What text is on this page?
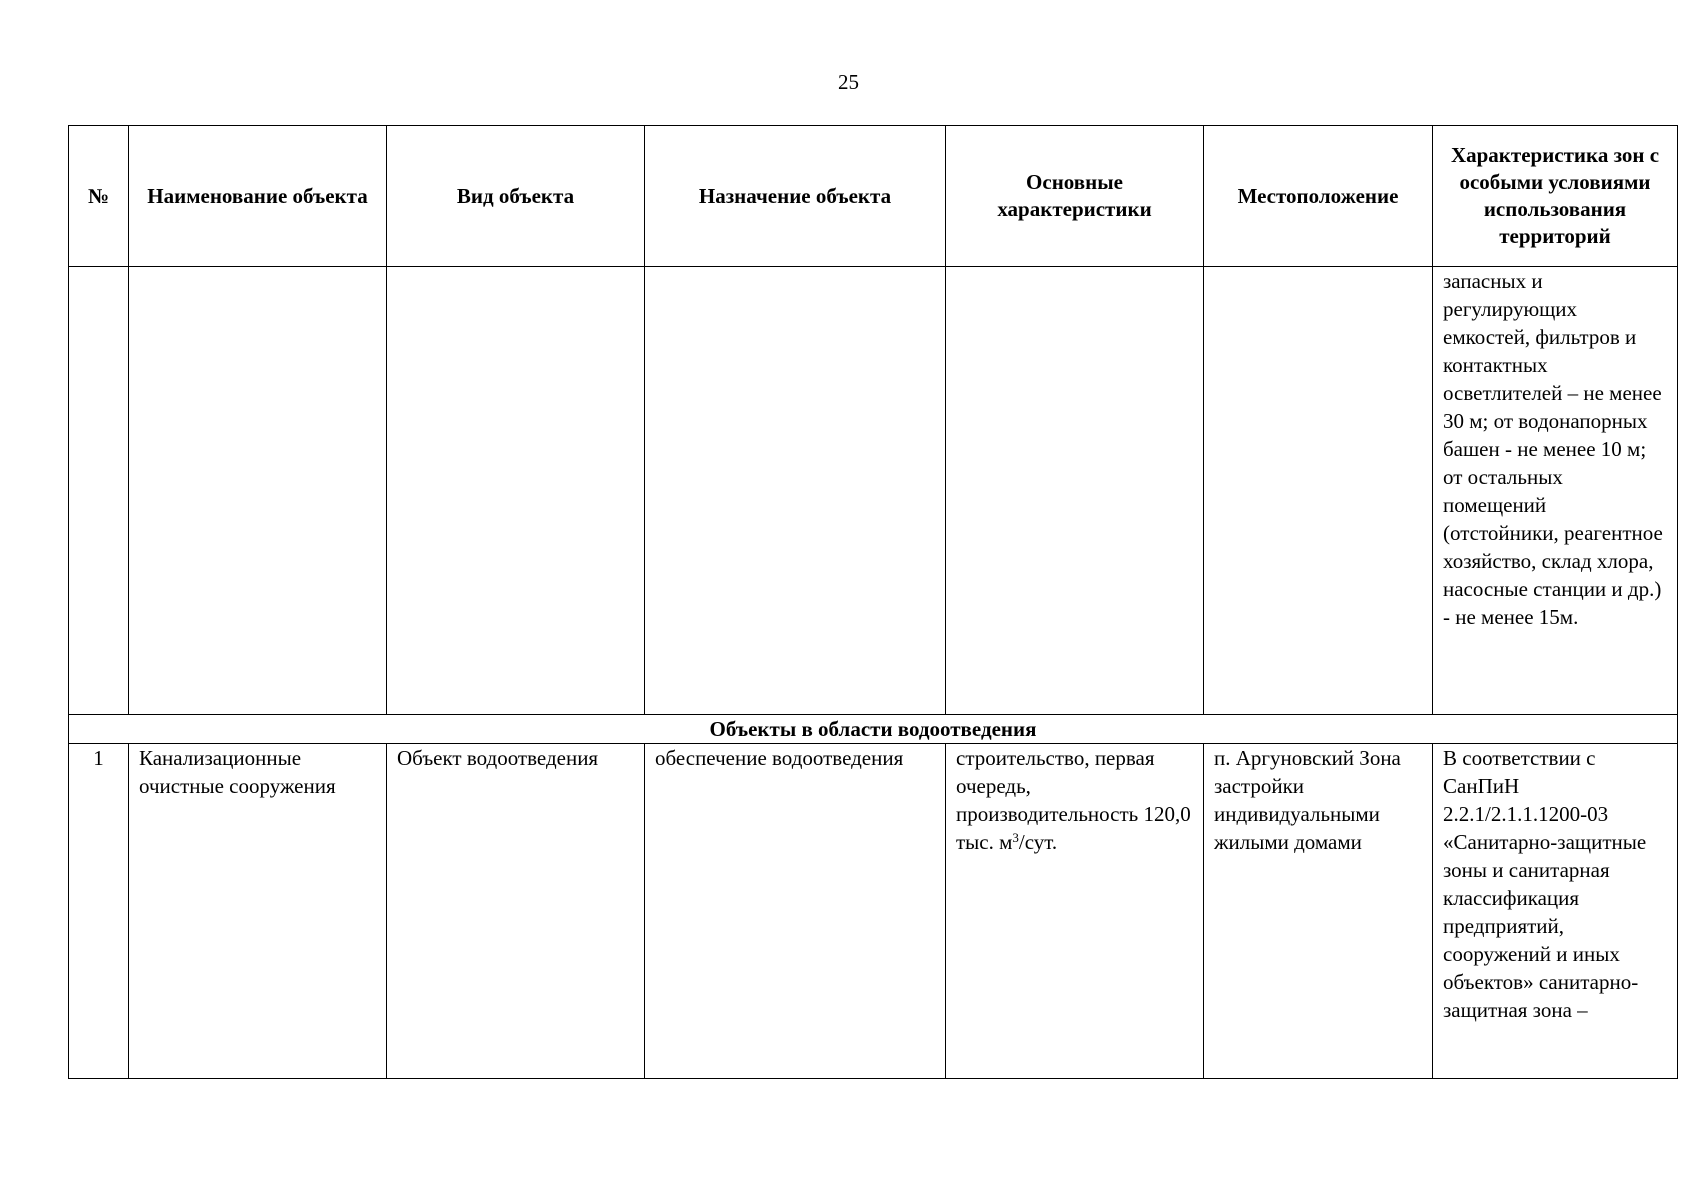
25
№	Наименование объекта	Вид объекта	Назначение объекта	Основные характеристики	Местоположение	Характеристика зон с особыми условиями использования территорий
						запасных и регулирующих емкостей, фильтров и контактных осветлителей – не менее 30 м; от водонапорных башен - не менее 10 м; от остальных помещений (отстойники, реагентное хозяйство, склад хлора, насосные станции и др.) - не менее 15м.
Объекты в области водоотведения						
1	Канализационные очистные сооружения	Объект водоотведения	обеспечение водоотведения	строительство, первая очередь, производительность 120,0 тыс. $м^3$/сут.	п. Аргуновский Зона застройки индивидуальными жилыми домами	В соответствии с СанПиН 2.2.1/2.1.1.1200-03 «Санитарно-защитные зоны и санитарная классификация предприятий, сооружений и иных объектов» санитарно-защитная зона –
